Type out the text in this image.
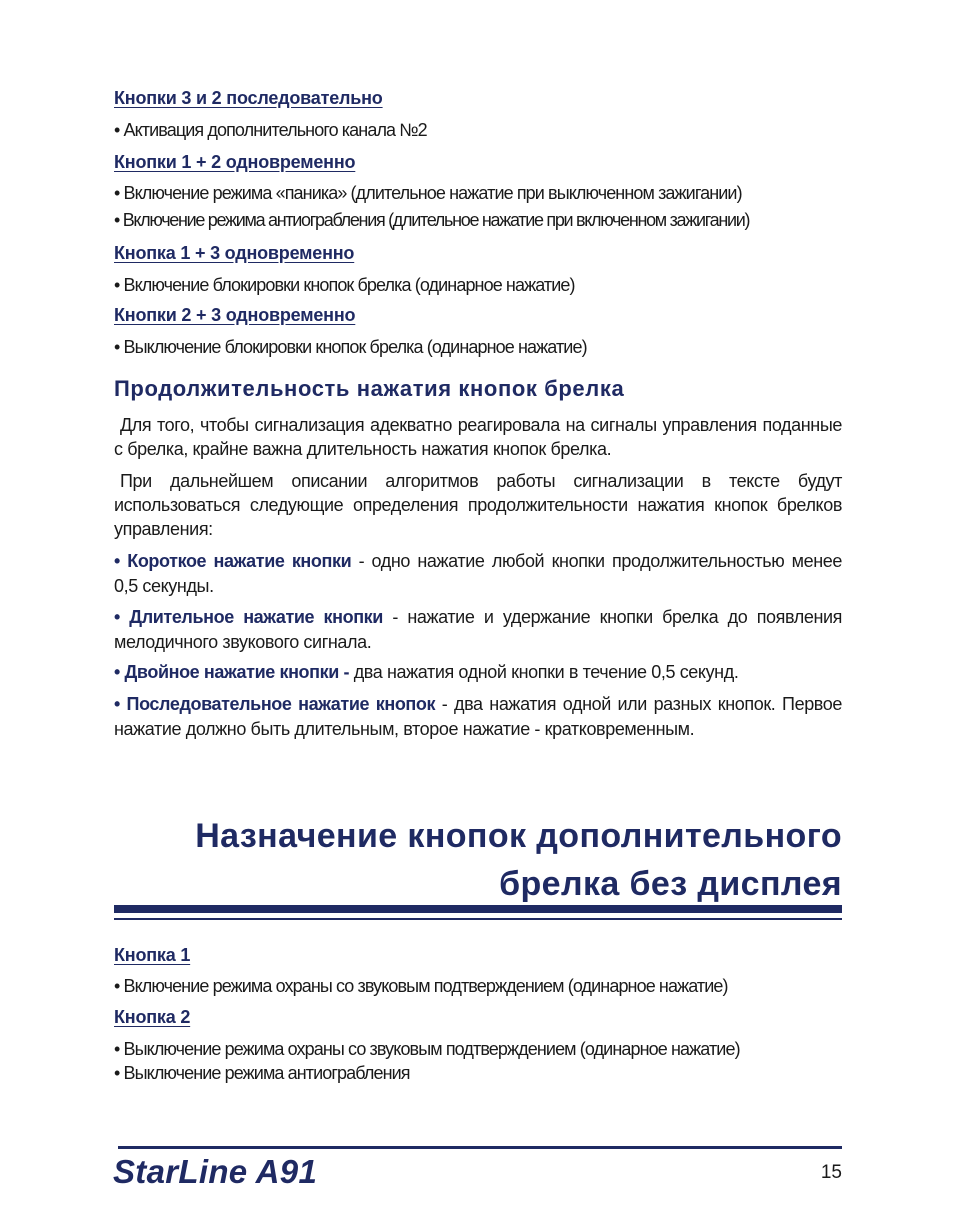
Кнопки 3 и 2 последовательно
• Активация дополнительного канала №2
Кнопки 1 + 2 одновременно
• Включение режима «паника» (длительное нажатие при выключенном зажигании)
• Включение режима антиограбления (длительное нажатие при включенном зажигании)
Кнопка 1 + 3 одновременно
• Включение блокировки кнопок брелка (одинарное нажатие)
Кнопки 2 + 3 одновременно
• Выключение блокировки кнопок брелка (одинарное нажатие)
Продолжительность нажатия кнопок брелка
Для того, чтобы сигнализация адекватно реагировала на сигналы управления поданные с брелка, крайне важна длительность нажатия кнопок брелка.
При дальнейшем описании алгоритмов работы сигнализации в тексте будут использоваться следующие определения продолжительности нажатия кнопок брелков управления:
• Короткое нажатие кнопки - одно нажатие любой кнопки продолжительностью менее 0,5 секунды.
• Длительное нажатие кнопки - нажатие и удержание кнопки брелка до появления мелодичного звукового сигнала.
• Двойное нажатие кнопки - два нажатия одной кнопки в течение 0,5 секунд.
• Последовательное нажатие кнопок - два нажатия одной или разных кнопок. Первое нажатие должно быть длительным, второе нажатие - кратковременным.
Назначение кнопок дополнительного
брелка без дисплея
Кнопка 1
• Включение режима охраны со звуковым подтверждением (одинарное нажатие)
Кнопка 2
• Выключение режима охраны со звуковым подтверждением (одинарное нажатие)
• Выключение режима антиограбления
StarLine A91	15
